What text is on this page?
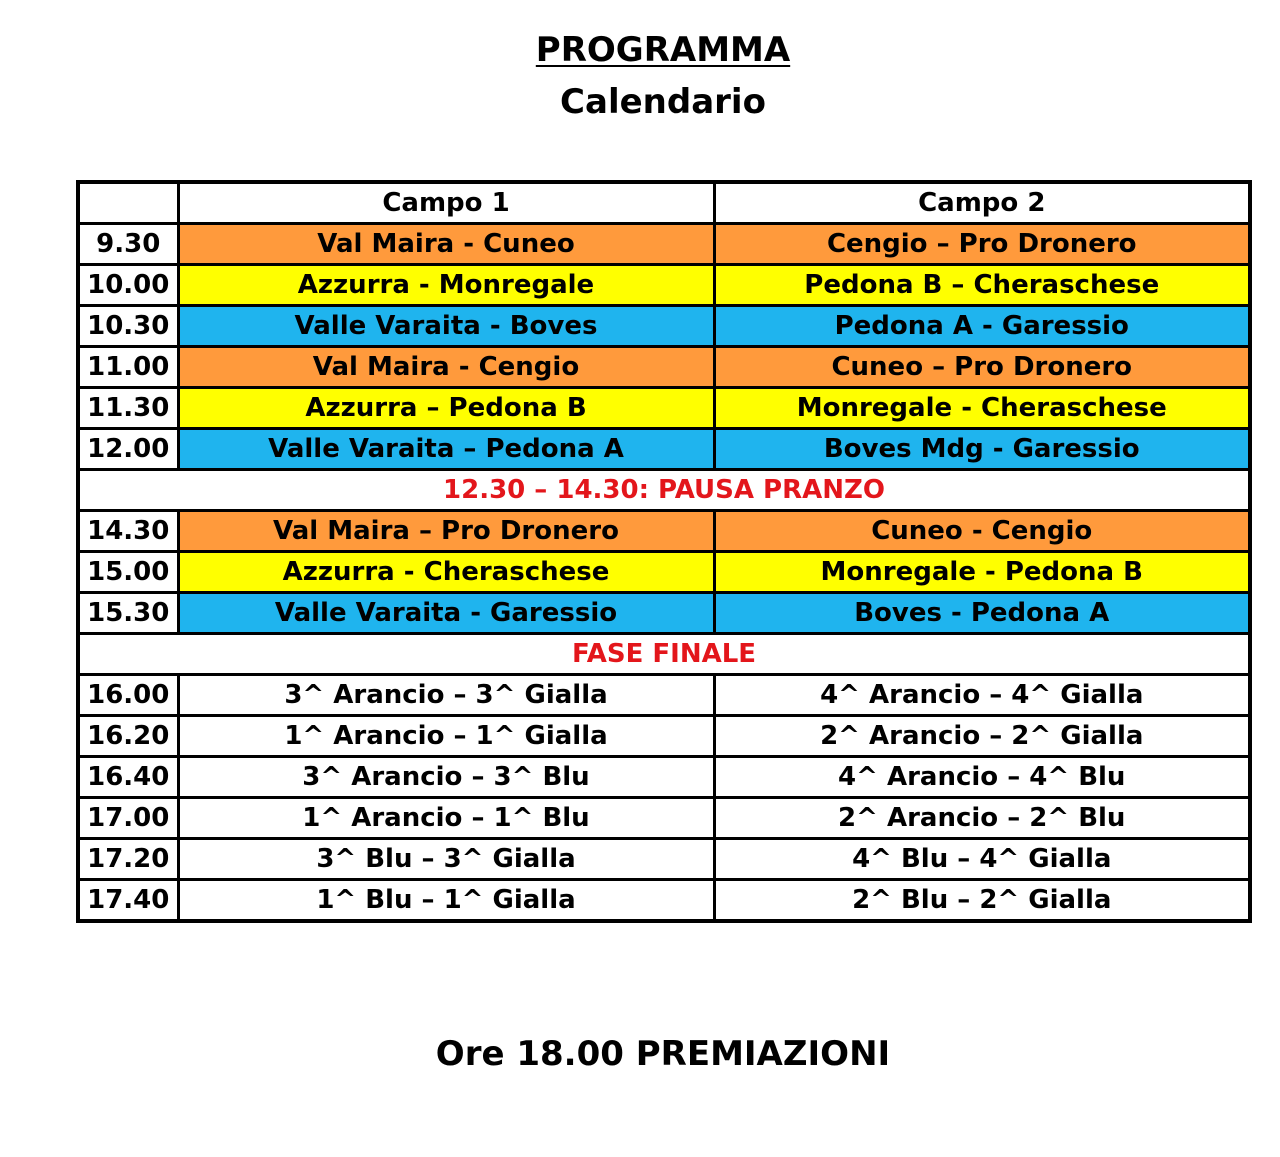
PROGRAMMA
Calendario
	Campo 1	Campo 2
9.30	Val Maira - Cuneo	Cengio – Pro Dronero
10.00	Azzurra - Monregale	Pedona B – Cheraschese
10.30	Valle Varaita - Boves	Pedona A - Garessio
11.00	Val Maira - Cengio	Cuneo – Pro Dronero
11.30	Azzurra – Pedona B	Monregale - Cheraschese
12.00	Valle Varaita – Pedona A	Boves Mdg - Garessio
12.30 – 14.30: PAUSA PRANZO		
14.30	Val Maira – Pro Dronero	Cuneo - Cengio
15.00	Azzurra - Cheraschese	Monregale - Pedona B
15.30	Valle Varaita - Garessio	Boves - Pedona A
FASE FINALE		
16.00	3^ Arancio – 3^ Gialla	4^ Arancio – 4^ Gialla
16.20	1^ Arancio – 1^ Gialla	2^ Arancio – 2^ Gialla
16.40	3^ Arancio – 3^ Blu	4^ Arancio – 4^ Blu
17.00	1^ Arancio – 1^ Blu	2^ Arancio – 2^ Blu
17.20	3^ Blu – 3^ Gialla	4^ Blu – 4^ Gialla
17.40	1^ Blu – 1^ Gialla	2^ Blu – 2^ Gialla
Ore 18.00 PREMIAZIONI
